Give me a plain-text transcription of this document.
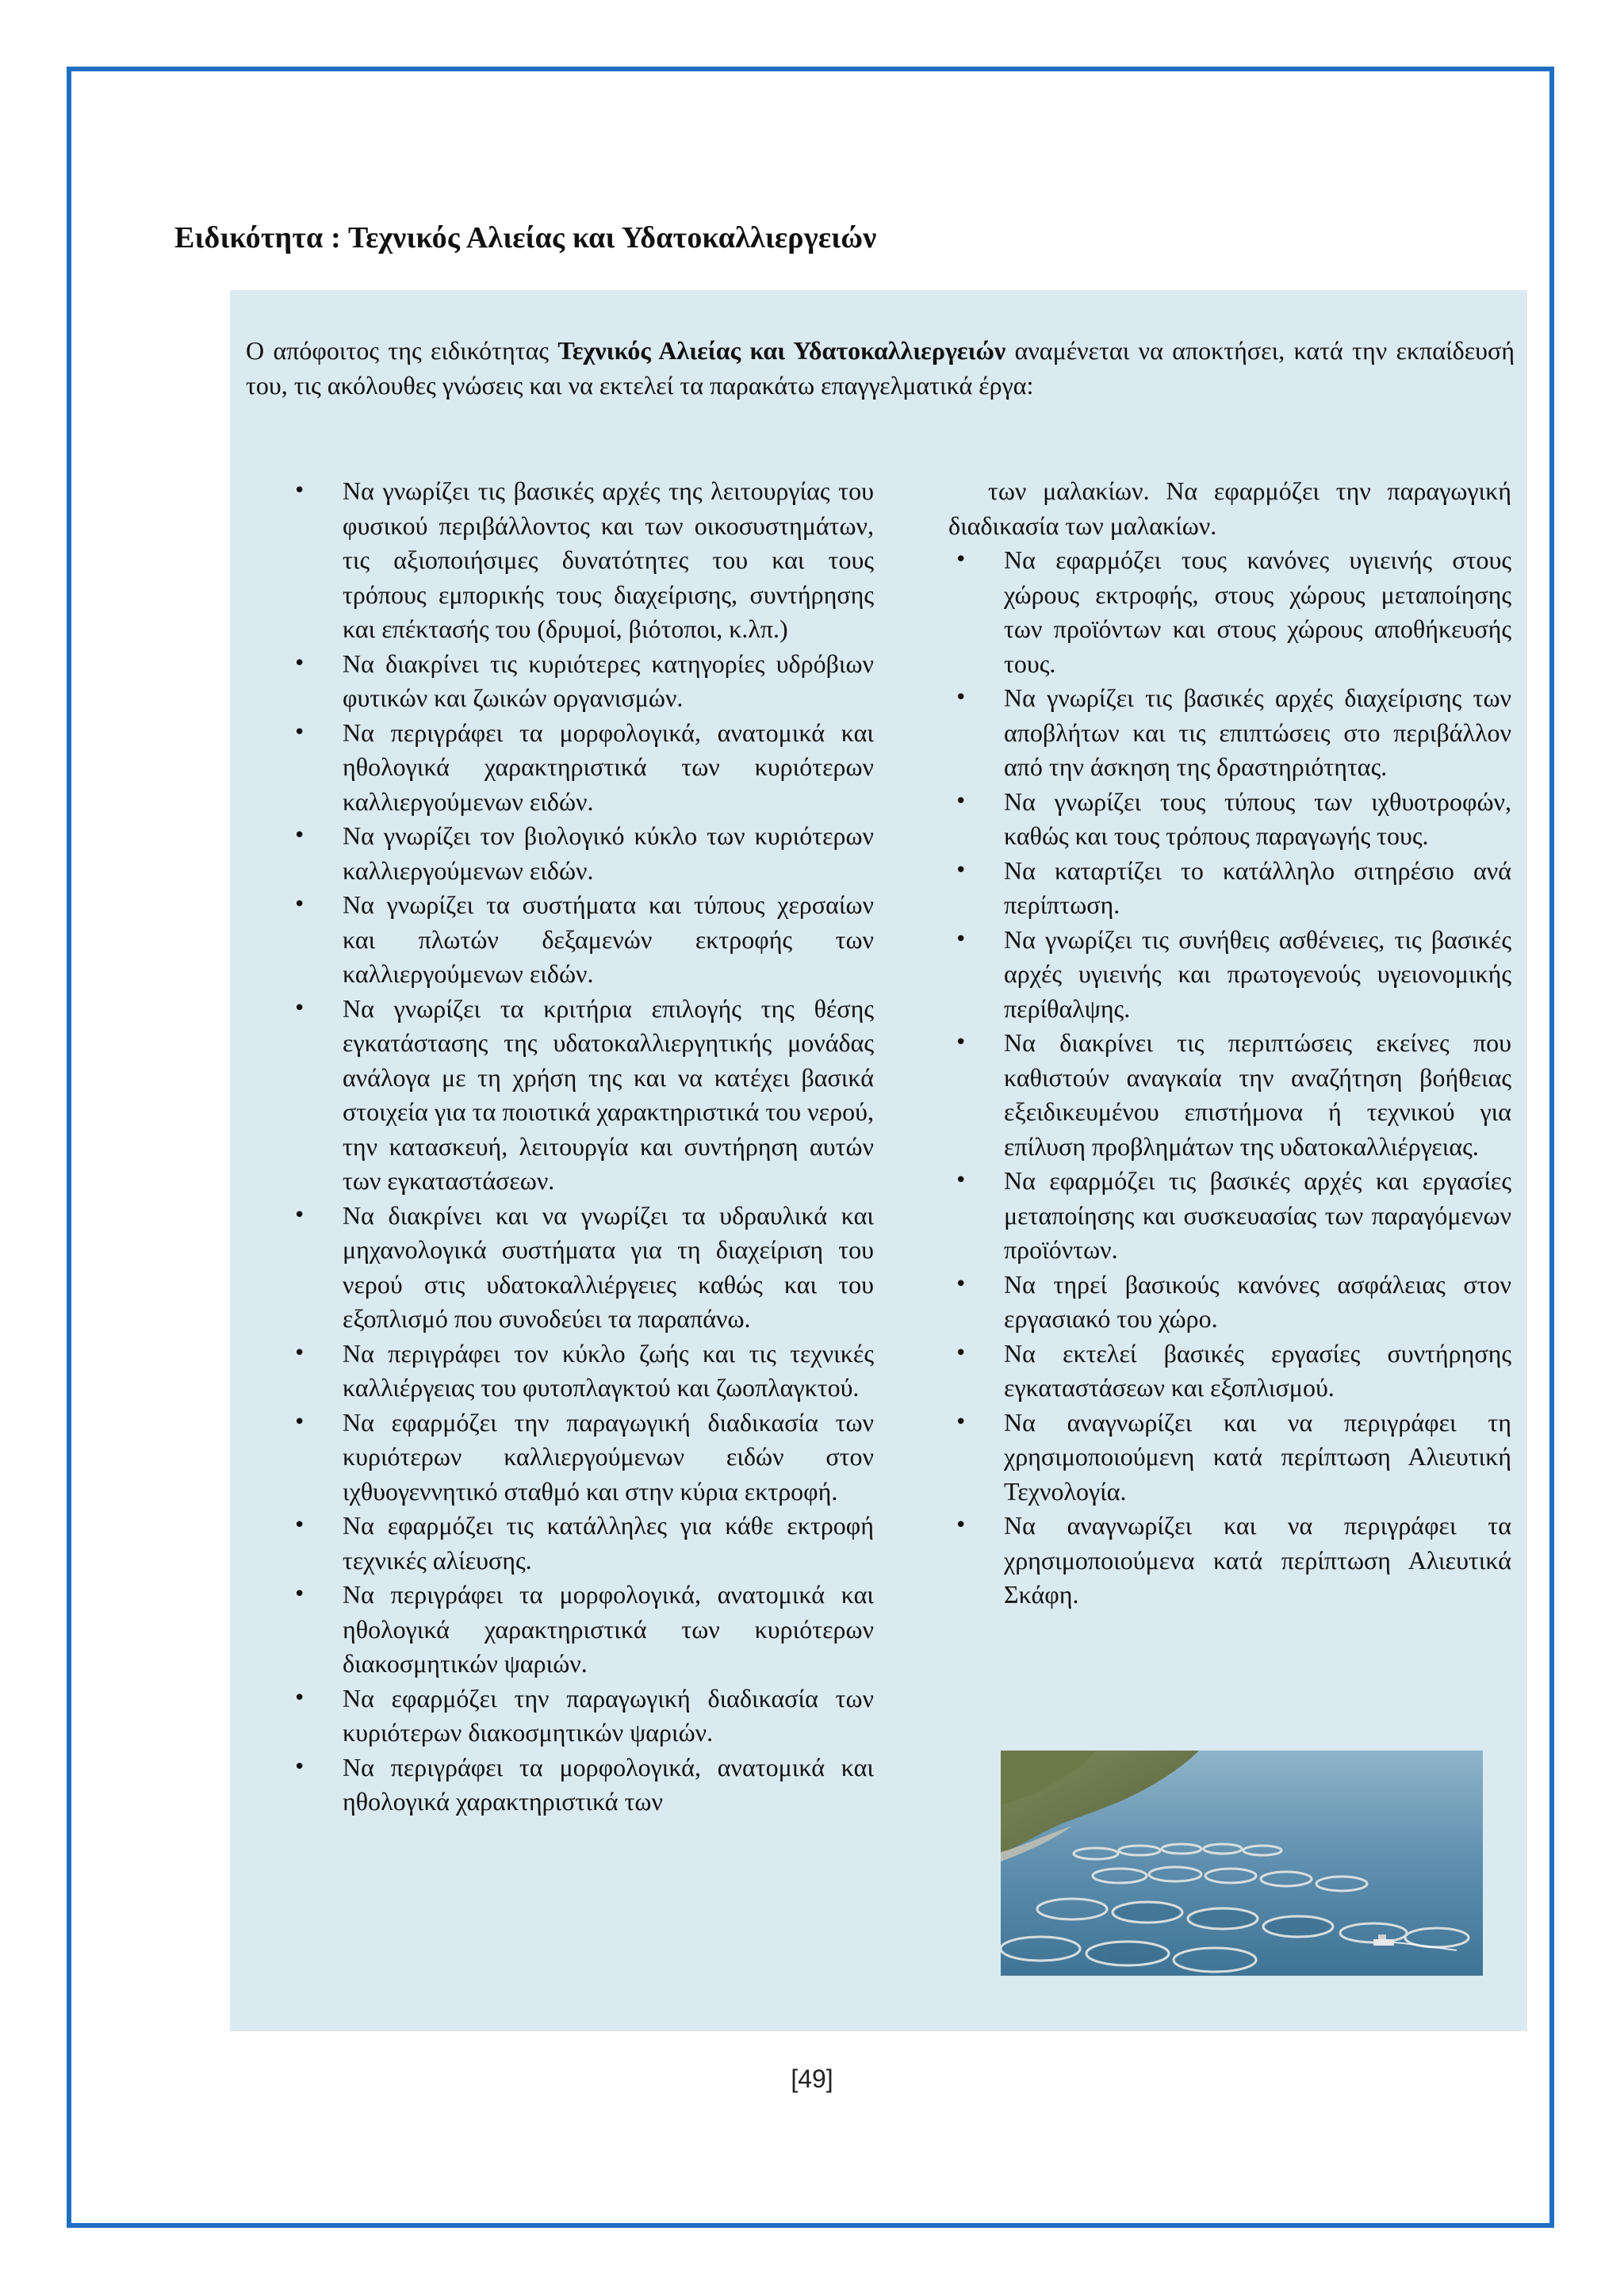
Ειδικότητα : Τεχνικός Αλιείας και Υδατοκαλλιεργειών
Ο απόφοιτος της ειδικότητας Τεχνικός Αλιείας και Υδατοκαλλιεργειών αναμένεται να αποκτήσει, κατά την εκπαίδευσή του, τις ακόλουθες γνώσεις και να εκτελεί τα παρακάτω επαγγελματικά έργα:
• Να γνωρίζει τις βασικές αρχές της λειτουργίας του φυσικού περιβάλλοντος και των οικοσυστημάτων, τις αξιοποιήσιμες δυνατότητες του και τους τρόπους εμπορικής τους διαχείρισης, συντήρησης και επέκτασής του (δρυμοί, βιότοποι, κ.λπ.)
• Να διακρίνει τις κυριότερες κατηγορίες υδρόβιων φυτικών και ζωικών οργανισμών.
• Να περιγράφει τα μορφολογικά, ανατομικά και ηθολογικά χαρακτηριστικά των κυριότερων καλλιεργούμενων ειδών.
• Να γνωρίζει τον βιολογικό κύκλο των κυριότερων καλλιεργούμενων ειδών.
• Να γνωρίζει τα συστήματα και τύπους χερσαίων και πλωτών δεξαμενών εκτροφής των καλλιεργούμενων ειδών.
• Να γνωρίζει τα κριτήρια επιλογής της θέσης εγκατάστασης της υδατοκαλλιεργητικής μονάδας ανάλογα με τη χρήση της και να κατέχει βασικά στοιχεία για τα ποιοτικά χαρακτηριστικά του νερού, την κατασκευή, λειτουργία και συντήρηση αυτών των εγκαταστάσεων.
• Να διακρίνει και να γνωρίζει τα υδραυλικά και μηχανολογικά συστήματα για τη διαχείριση του νερού στις υδατοκαλλιέργειες καθώς και του εξοπλισμό που συνοδεύει τα παραπάνω.
• Να περιγράφει τον κύκλο ζωής και τις τεχνικές καλλιέργειας του φυτοπλαγκτού και ζωοπλαγκτού.
• Να εφαρμόζει την παραγωγική διαδικασία των κυριότερων καλλιεργούμενων ειδών στον ιχθυογεννητικό σταθμό και στην κύρια εκτροφή.
• Να εφαρμόζει τις κατάλληλες για κάθε εκτροφή τεχνικές αλίευσης.
• Να περιγράφει τα μορφολογικά, ανατομικά και ηθολογικά χαρακτηριστικά των κυριότερων διακοσμητικών ψαριών.
• Να εφαρμόζει την παραγωγική διαδικασία των κυριότερων διακοσμητικών ψαριών.
• Να περιγράφει τα μορφολογικά, ανατομικά και ηθολογικά χαρακτηριστικά των
των μαλακίων. Να εφαρμόζει την παραγωγική διαδικασία των μαλακίων.
• Να εφαρμόζει τους κανόνες υγιεινής στους χώρους εκτροφής, στους χώρους μεταποίησης των προϊόντων και στους χώρους αποθήκευσής τους.
• Να γνωρίζει τις βασικές αρχές διαχείρισης των αποβλήτων και τις επιπτώσεις στο περιβάλλον από την άσκηση της δραστηριότητας.
• Να γνωρίζει τους τύπους των ιχθυοτροφών, καθώς και τους τρόπους παραγωγής τους.
• Να καταρτίζει το κατάλληλο σιτηρέσιο ανά περίπτωση.
• Να γνωρίζει τις συνήθεις ασθένειες, τις βασικές αρχές υγιεινής και πρωτογενούς υγειονομικής περίθαλψης.
• Να διακρίνει τις περιπτώσεις εκείνες που καθιστούν αναγκαία την αναζήτηση βοήθειας εξειδικευμένου επιστήμονα ή τεχνικού για επίλυση προβλημάτων της υδατοκαλλιέργειας.
• Να εφαρμόζει τις βασικές αρχές και εργασίες μεταποίησης και συσκευασίας των παραγόμενων προϊόντων.
• Να τηρεί βασικούς κανόνες ασφάλειας στον εργασιακό του χώρο.
• Να εκτελεί βασικές εργασίες συντήρησης εγκαταστάσεων και εξοπλισμού.
• Να αναγνωρίζει και να περιγράφει τη χρησιμοποιούμενη κατά περίπτωση Αλιευτική Τεχνολογία.
• Να αναγνωρίζει και να περιγράφει τα χρησιμοποιούμενα κατά περίπτωση Αλιευτικά Σκάφη.
[49]
